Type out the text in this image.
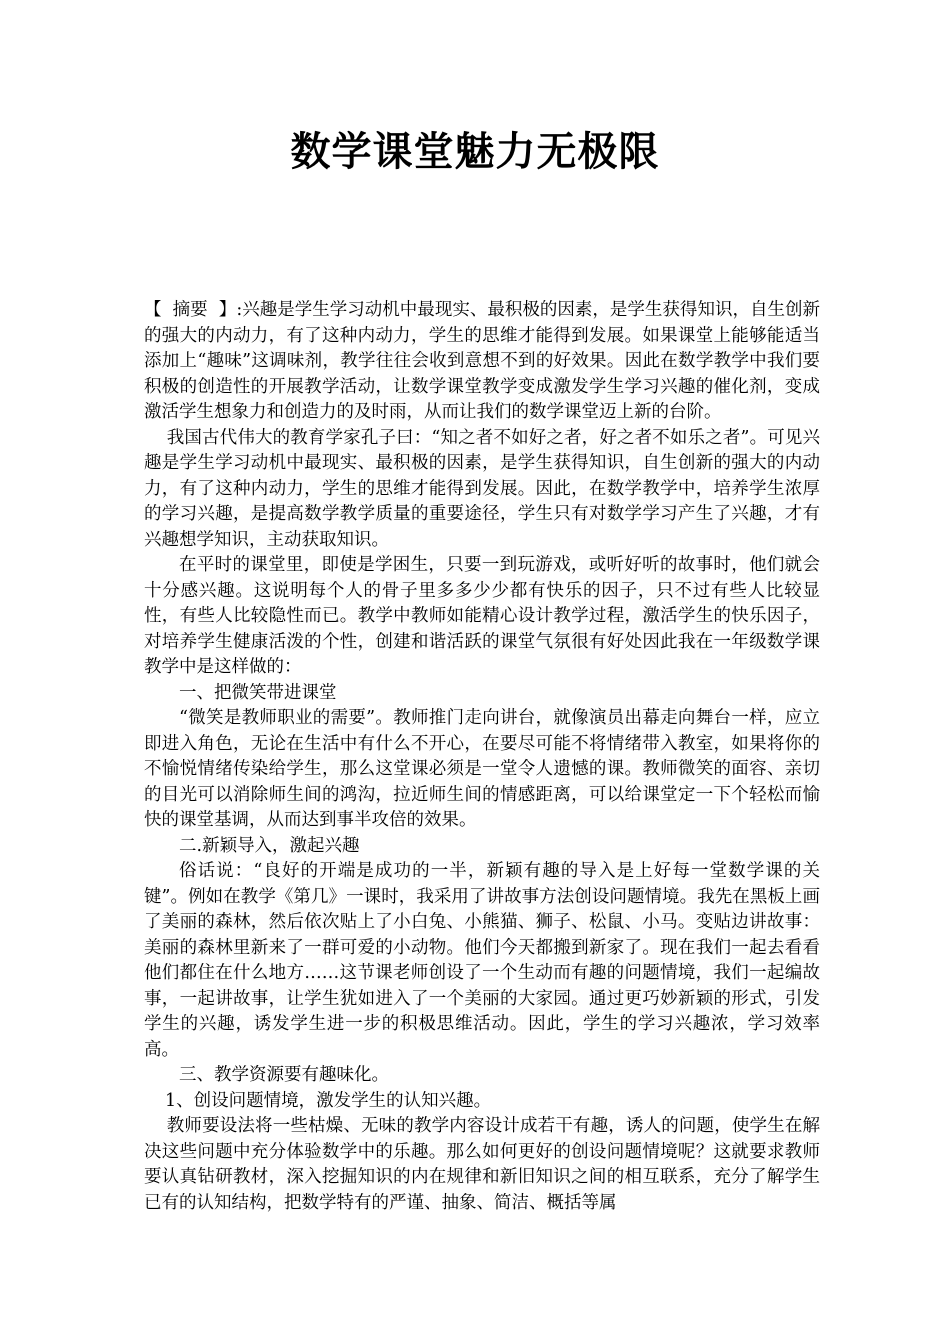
数学课堂魅力无极限

【  摘要  】:兴趣是学生学习动机中最现实、最积极的因素，是学生获得知识，自生创新的强大的内动力，有了这种内动力，学生的思维才能得到发展。如果课堂上能够能适当添加上“趣味”这调味剂，教学往往会收到意想不到的好效果。因此在数学教学中我们要积极的创造性的开展教学活动，让数学课堂教学变成激发学生学习兴趣的催化剂，变成激活学生想象力和创造力的及时雨，从而让我们的数学课堂迈上新的台阶。

我国古代伟大的教育学家孔子曰：“知之者不如好之者，好之者不如乐之者”。可见兴趣是学生学习动机中最现实、最积极的因素，是学生获得知识，自生创新的强大的内动力，有了这种内动力，学生的思维才能得到发展。因此，在数学教学中，培养学生浓厚的学习兴趣，是提高数学教学质量的重要途径，学生只有对数学学习产生了兴趣，才有兴趣想学知识，主动获取知识。

在平时的课堂里，即使是学困生，只要一到玩游戏，或听好听的故事时，他们就会十分感兴趣。这说明每个人的骨子里多多少少都有快乐的因子，只不过有些人比较显性，有些人比较隐性而已。教学中教师如能精心设计教学过程，激活学生的快乐因子，对培养学生健康活泼的个性，创建和谐活跃的课堂气氛很有好处因此我在一年级数学课教学中是这样做的：

一、把微笑带进课堂

“微笑是教师职业的需要”。教师推门走向讲台，就像演员出幕走向舞台一样，应立即进入角色，无论在生活中有什么不开心，在要尽可能不将情绪带入教室，如果将你的不愉悦情绪传染给学生，那么这堂课必须是一堂令人遗憾的课。教师微笑的面容、亲切的目光可以消除师生间的鸿沟，拉近师生间的情感距离，可以给课堂定一下个轻松而愉快的课堂基调，从而达到事半攻倍的效果。

二.新颖导入，激起兴趣

俗话说：“良好的开端是成功的一半，新颖有趣的导入是上好每一堂数学课的关键”。例如在教学《第几》一课时，我采用了讲故事方法创设问题情境。我先在黑板上画了美丽的森林，然后依次贴上了小白兔、小熊猫、狮子、松鼠、小马。变贴边讲故事：美丽的森林里新来了一群可爱的小动物。他们今天都搬到新家了。现在我们一起去看看他们都住在什么地方……这节课老师创设了一个生动而有趣的问题情境，我们一起编故事，一起讲故事，让学生犹如进入了一个美丽的大家园。通过更巧妙新颖的形式，引发学生的兴趣，诱发学生进一步的积极思维活动。因此，学生的学习兴趣浓，学习效率高。

三、教学资源要有趣味化。

1、创设问题情境，激发学生的认知兴趣。

教师要设法将一些枯燥、无味的教学内容设计成若干有趣，诱人的问题，使学生在解决这些问题中充分体验数学中的乐趣。那么如何更好的创设问题情境呢？这就要求教师要认真钻研教材，深入挖掘知识的内在规律和新旧知识之间的相互联系，充分了解学生已有的认知结构，把数学特有的严谨、抽象、简洁、概括等属
